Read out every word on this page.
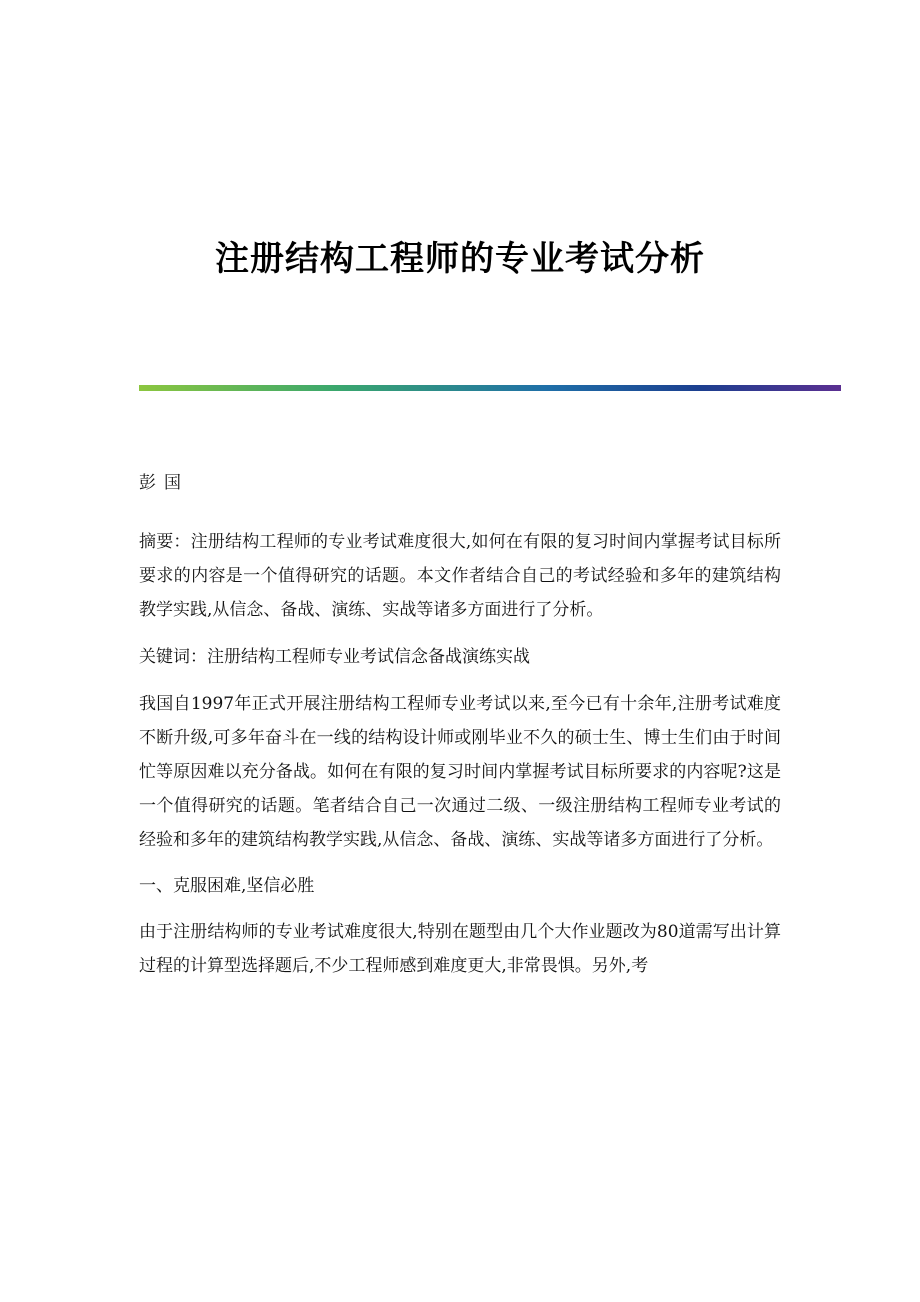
注册结构工程师的专业考试分析
彭国

摘要：注册结构工程师的专业考试难度很大,如何在有限的复习时间内掌握考试目标所要求的内容是一个值得研究的话题。本文作者结合自己的考试经验和多年的建筑结构教学实践,从信念、备战、演练、实战等诸多方面进行了分析。

关键词：注册结构工程师专业考试信念备战演练实战

我国自1997年正式开展注册结构工程师专业考试以来,至今已有十余年,注册考试难度不断升级,可多年奋斗在一线的结构设计师或刚毕业不久的硕士生、博士生们由于时间忙等原因难以充分备战。如何在有限的复习时间内掌握考试目标所要求的内容呢?这是一个值得研究的话题。笔者结合自己一次通过二级、一级注册结构工程师专业考试的经验和多年的建筑结构教学实践,从信念、备战、演练、实战等诸多方面进行了分析。

一、克服困难,坚信必胜

由于注册结构师的专业考试难度很大,特别在题型由几个大作业题改为80道需写出计算过程的计算型选择题后,不少工程师感到难度更大,非常畏惧。另外,考
